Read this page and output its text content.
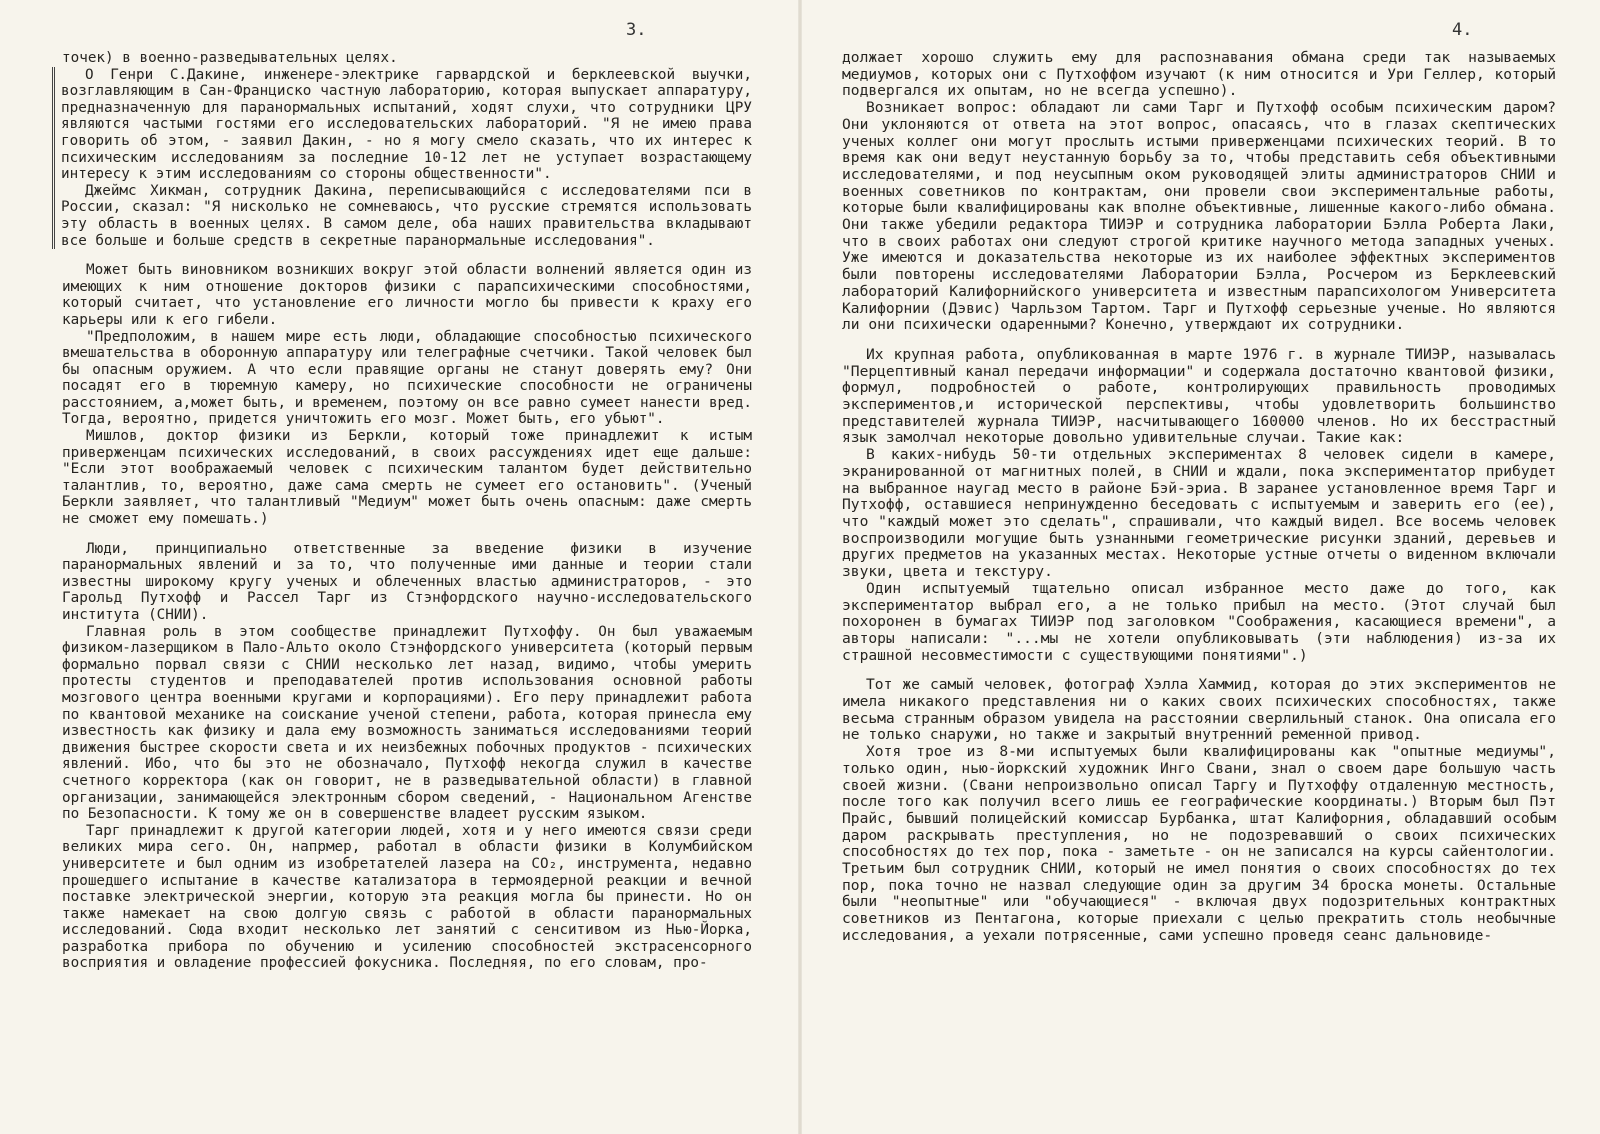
3.

точек) в военно-разведывательных целях.

О Генри С.Дакине, инженере-электрике гарвардской и берклеевской выучки, возглавляющим в Сан-Франциско частную лабораторию, которая выпускает аппаратуру, предназначенную для паранормальных испытаний, ходят слухи, что сотрудники ЦРУ являются частыми гостями его исследовательских лабораторий. "Я не имею права говорить об этом, - заявил Дакин, - но я могу смело сказать, что их интерес к психическим исследованиям за последние 10-12 лет не уступает возрастающему интересу к этим исследованиям со стороны общественности".

Джеймс Хикман, сотрудник Дакина, переписывающийся с исследователями пси в России, сказал: "Я нисколько не сомневаюсь, что русские стремятся использовать эту область в военных целях. В самом деле, оба наших правительства вкладывают все больше и больше средств в секретные паранормальные исследования".

Может быть виновником возникших вокруг этой области волнений является один из имеющих к ним отношение докторов физики с парапсихическими способностями, который считает, что установление его личности могло бы привести к краху его карьеры или к его гибели.

"Предположим, в нашем мире есть люди, обладающие способностью психического вмешательства в оборонную аппаратуру или телеграфные счетчики. Такой человек был бы опасным оружием. А что если правящие органы не станут доверять ему? Они посадят его в тюремную камеру, но психические способности не ограничены расстоянием, а,может быть, и временем, поэтому он все равно сумеет нанести вред. Тогда, вероятно, придется уничтожить его мозг. Может быть, его убьют".

Мишлов, доктор физики из Беркли, который тоже принадлежит к истым приверженцам психических исследований, в своих рассуждениях идет еще дальше: "Если этот воображаемый человек с психическим талантом будет действительно талантлив, то, вероятно, даже сама смерть не сумеет его остановить". (Ученый Беркли заявляет, что талантливый "Медиум" может быть очень опасным: даже смерть не сможет ему помешать.)

Люди, принципиально ответственные за введение физики в изучение паранормальных явлений и за то, что полученные ими данные и теории стали известны широкому кругу ученых и облеченных властью администраторов, - это Гарольд Путхофф и Рассел Тарг из Стэнфордского научно-исследовательского института (СНИИ).

Главная роль в этом сообществе принадлежит Путхоффу. Он был уважаемым физиком-лазерщиком в Пало-Альто около Стэнфордского университета (который первым формально порвал связи с СНИИ несколько лет назад, видимо, чтобы умерить протесты студентов и преподавателей против использования основной работы мозгового центра военными кругами и корпорациями). Его перу принадлежит работа по квантовой механике на соискание ученой степени, работа, которая принесла ему известность как физику и дала ему возможность заниматься исследованиями теорий движения быстрее скорости света и их неизбежных побочных продуктов - психических явлений. Ибо, что бы это не обозначало, Путхофф некогда служил в качестве счетного корректора (как он говорит, не в разведывательной области) в главной организации, занимающейся электронным сбором сведений, - Национальном Агенстве по Безопасности. К тому же он в совершенстве владеет русским языком.

Тарг принадлежит к другой категории людей, хотя и у него имеются связи среди великих мира сего. Он, напрмер, работал в области физики в Колумбийском университете и был одним из изобретателей лазера на CO₂, инструмента, недавно прошедшего испытание в качестве катализатора в термоядерной реакции и вечной поставке электрической энергии, которую эта реакция могла бы принести. Но он также намекает на свою долгую связь с работой в области паранормальных исследований. Сюда входит несколько лет занятий с сенситивом из Нью-Йорка, разработка прибора по обучению и усилению способностей экстрасенсорного восприятия и овладение профессией фокусника. Последняя, по его словам, про-

4.

должает хорошо служить ему для распознавания обмана среди так называемых медиумов, которых они с Путхоффом изучают (к ним относится и Ури Геллер, который подвергался их опытам, но не всегда успешно).

Возникает вопрос: обладают ли сами Тарг и Путхофф особым психическим даром? Они уклоняются от ответа на этот вопрос, опасаясь, что в глазах скептических ученых коллег они могут прослыть истыми приверженцами психических теорий. В то время как они ведут неустанную борьбу за то, чтобы представить себя объективными исследователями, и под неусыпным оком руководящей элиты администраторов СНИИ и военных советников по контрактам, они провели свои экспериментальные работы, которые были квалифицированы как вполне объективные, лишенные какого-либо обмана. Они также убедили редактора ТИИЭР и сотрудника лаборатории Бэлла Роберта Лаки, что в своих работах они следуют строгой критике научного метода западных ученых. Уже имеются и доказательства некоторые из их наиболее эффектных экспериментов были повторены исследователями Лаборатории Бэлла, Росчером из Берклеевский лабораторий Калифорнийского университета и известным парапсихологом Университета Калифорнии (Дэвис) Чарльзом Тартом. Тарг и Путхофф серьезные ученые. Но являются ли они психически одаренными? Конечно, утверждают их сотрудники.

Их крупная работа, опубликованная в марте 1976 г. в журнале ТИИЭР, называлась "Перцептивный канал передачи информации" и содержала достаточно квантовой физики, формул, подробностей о работе, контролирующих правильность проводимых экспериментов,и исторической перспективы, чтобы удовлетворить большинство представителей журнала ТИИЭР, насчитывающего 160000 членов. Но их бесстрастный язык замолчал некоторые довольно удивительные случаи. Такие как:

В каких-нибудь 50-ти отдельных экспериментах 8 человек сидели в камере, экранированной от магнитных полей, в СНИИ и ждали, пока экспериментатор прибудет на выбранное наугад место в районе Бэй-эриа. В заранее установленное время Тарг и Путхофф, оставшиеся непринужденно беседовать с испытуемым и заверить его (ее), что "каждый может это сделать", спрашивали, что каждый видел. Все восемь человек воспроизводили могущие быть узнанными геометрические рисунки зданий, деревьев и других предметов на указанных местах. Некоторые устные отчеты о виденном включали звуки, цвета и текстуру.

Один испытуемый тщательно описал избранное место даже до того, как экспериментатор выбрал его, а не только прибыл на место. (Этот случай был похоронен в бумагах ТИИЭР под заголовком "Соображения, касающиеся времени", а авторы написали: "...мы не хотели опубликовывать (эти наблюдения) из-за их страшной несовместимости с существующими понятиями".)

Тот же самый человек, фотограф Хэлла Хаммид, которая до этих экспериментов не имела никакого представления ни о каких своих психических способностях, также весьма странным образом увидела на расстоянии сверлильный станок. Она описала его не только снаружи, но также и закрытый внутренний ременной привод.

Хотя трое из 8-ми испытуемых были квалифицированы как "опытные медиумы", только один, нью-йоркский художник Инго Свани, знал о своем даре большую часть своей жизни. (Свани непроизвольно описал Таргу и Путхоффу отдаленную местность, после того как получил всего лишь ее географические координаты.) Вторым был Пэт Прайс, бывший полицейский комиссар Бурбанка, штат Калифорния, обладавший особым даром раскрывать преступления, но не подозревавший о своих психических способностях до тех пор, пока - заметьте - он не записался на курсы сайентологии. Третьим был сотрудник СНИИ, который не имел понятия о своих способностях до тех пор, пока точно не назвал следующие один за другим 34 броска монеты. Остальные были "неопытные" или "обучающиеся" - включая двух подозрительных контрактных советников из Пентагона, которые приехали с целью прекратить столь необычные исследования, а уехали потрясенные, сами успешно проведя сеанс дальновиде-
